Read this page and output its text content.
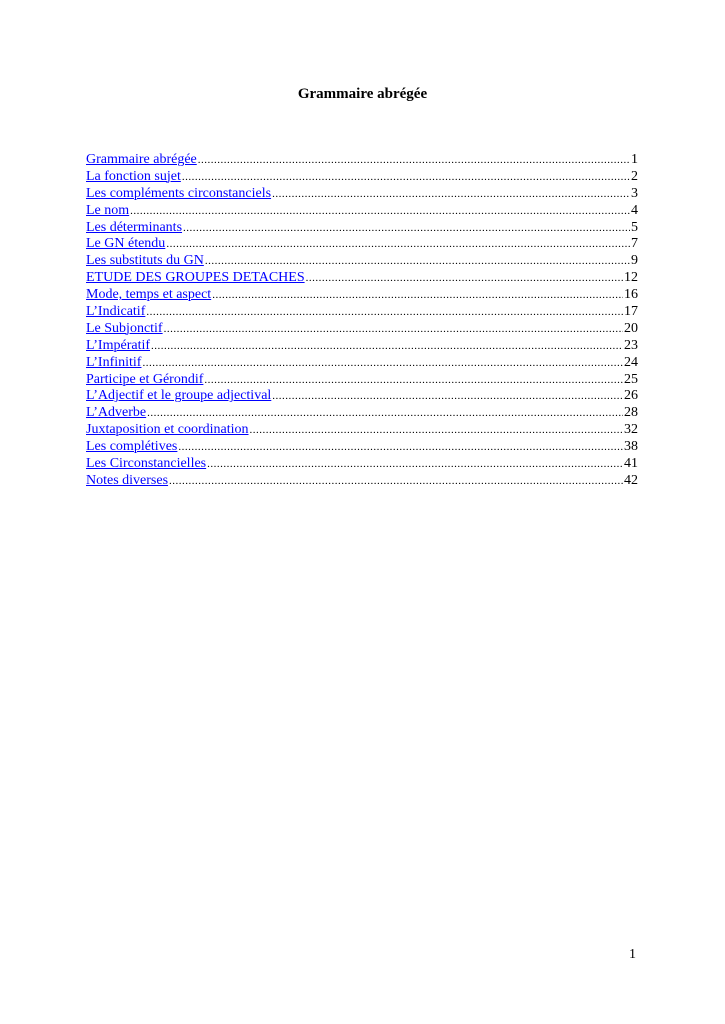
Grammaire abrégée
Grammaire abrégée .....	1
La fonction sujet .....	2
Les compléments circonstanciels .....	3
Le nom .....	4
Les déterminants .....	5
Le GN étendu .....	7
Les substituts du GN .....	9
ETUDE DES GROUPES DETACHES .....	12
Mode, temps et aspect .....	16
L’Indicatif .....	17
Le Subjonctif .....	20
L’Impératif .....	23
L’Infinitif .....	24
Participe et Gérondif .....	25
L’Adjectif et le groupe adjectival .....	26
L’Adverbe .....	28
Juxtaposition et coordination .....	32
Les complétives .....	38
Les Circonstancielles .....	41
Notes diverses .....	42
1
